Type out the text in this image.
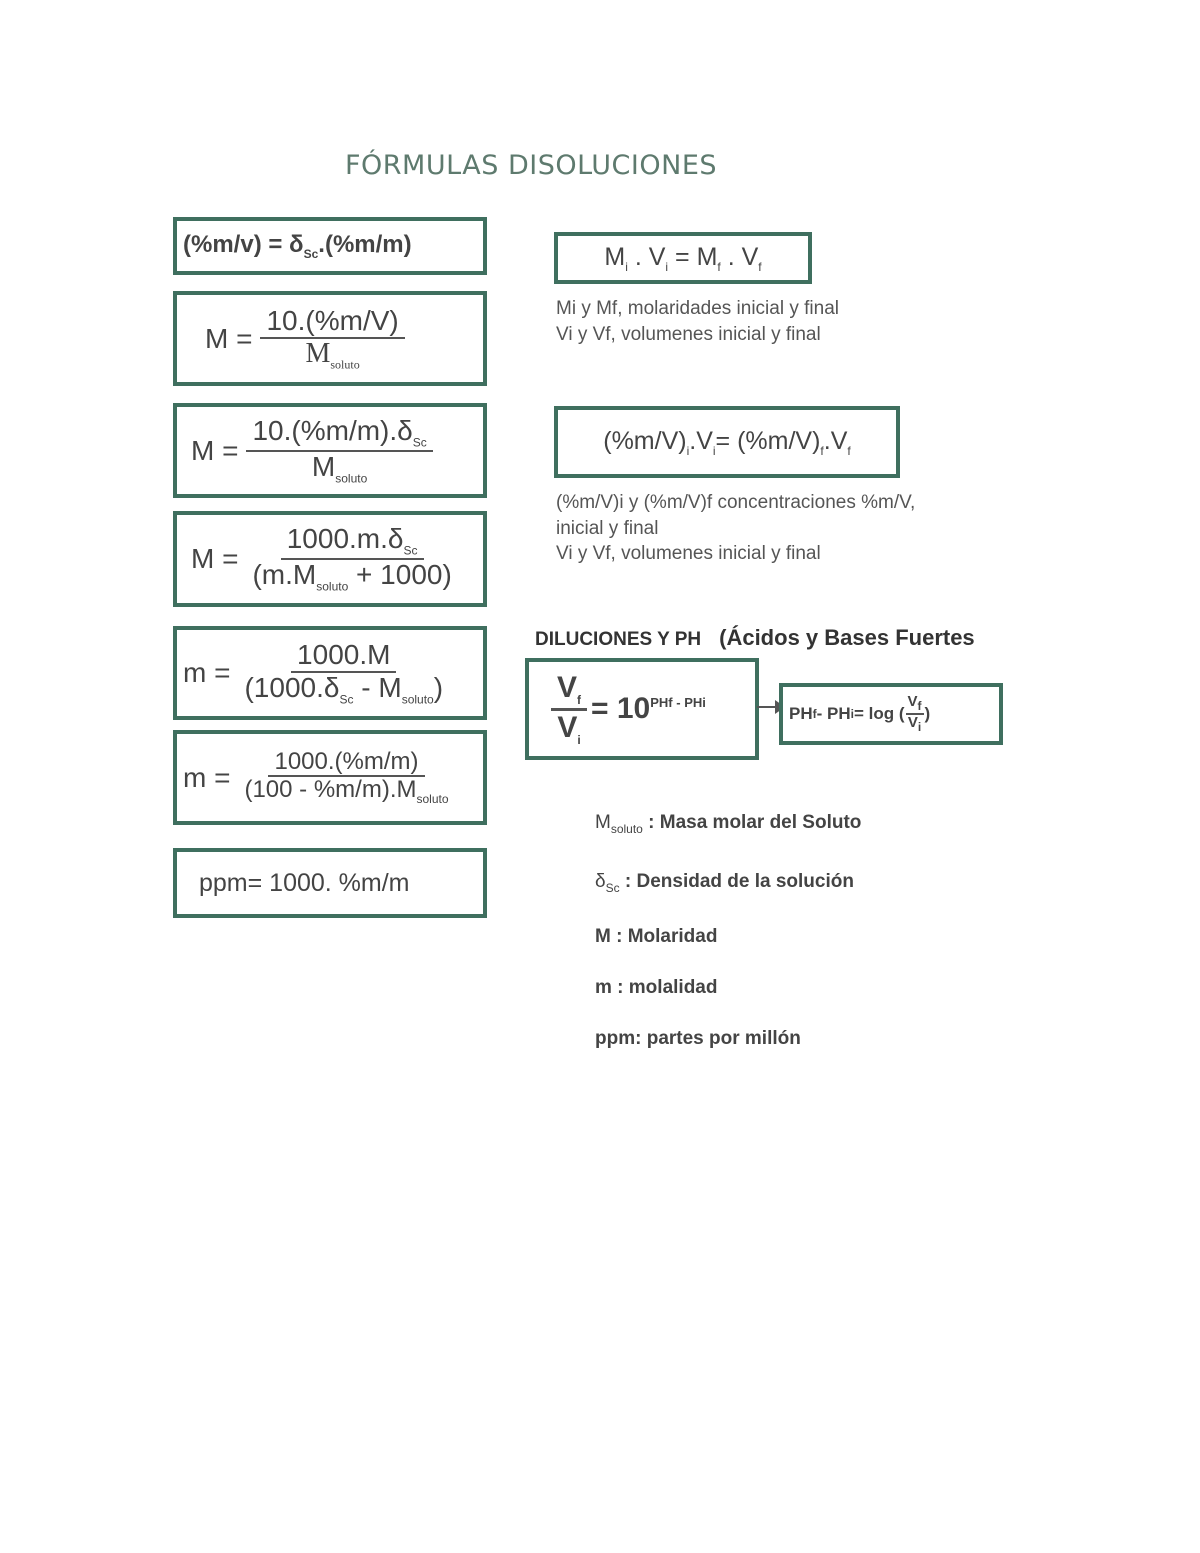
FÓRMULAS DISOLUCIONES
$(\%m/v) = \delta_{Sc}.(\%m/m)$
$M = \frac{10.(\%m/V)}{M_{soluto}}$
$M = \frac{10.(\%m/m).\delta_{Sc}}{M_{soluto}}$
$M = \frac{1000.m.\delta_{Sc}}{(m.M_{soluto} + 1000)}$
$m = \frac{1000.M}{(1000.\delta_{Sc} - M_{soluto})}$
$m = \frac{1000.(\%m/m)}{(100 - \%m/m).M_{soluto}}$
ppm= 1000. %m/m
$M_i$ . $V_i = M_f$ . $V_f$
Mi y Mf, molaridades inicial y final
Vi y Vf, volumenes inicial y final
$(\%m/V)_i.V_i= (\%m/V)_f.V_f$
(%m/V)i y (%m/V)f concentraciones %m/V,
inicial y final
Vi y Vf, volumenes inicial y final
DILUCIONES Y PH (Ácidos y Bases Fuertes
$\frac{V_f}{V_i} = 10^{PHf - PHi}$
PH f - PH i = log ( $\frac{V_f}{V_i}$ )
$M_{soluto}$ : Masa molar del Soluto
$\delta_{Sc}$ : Densidad de la solución
M : Molaridad
m : molalidad
ppm: partes por millón
